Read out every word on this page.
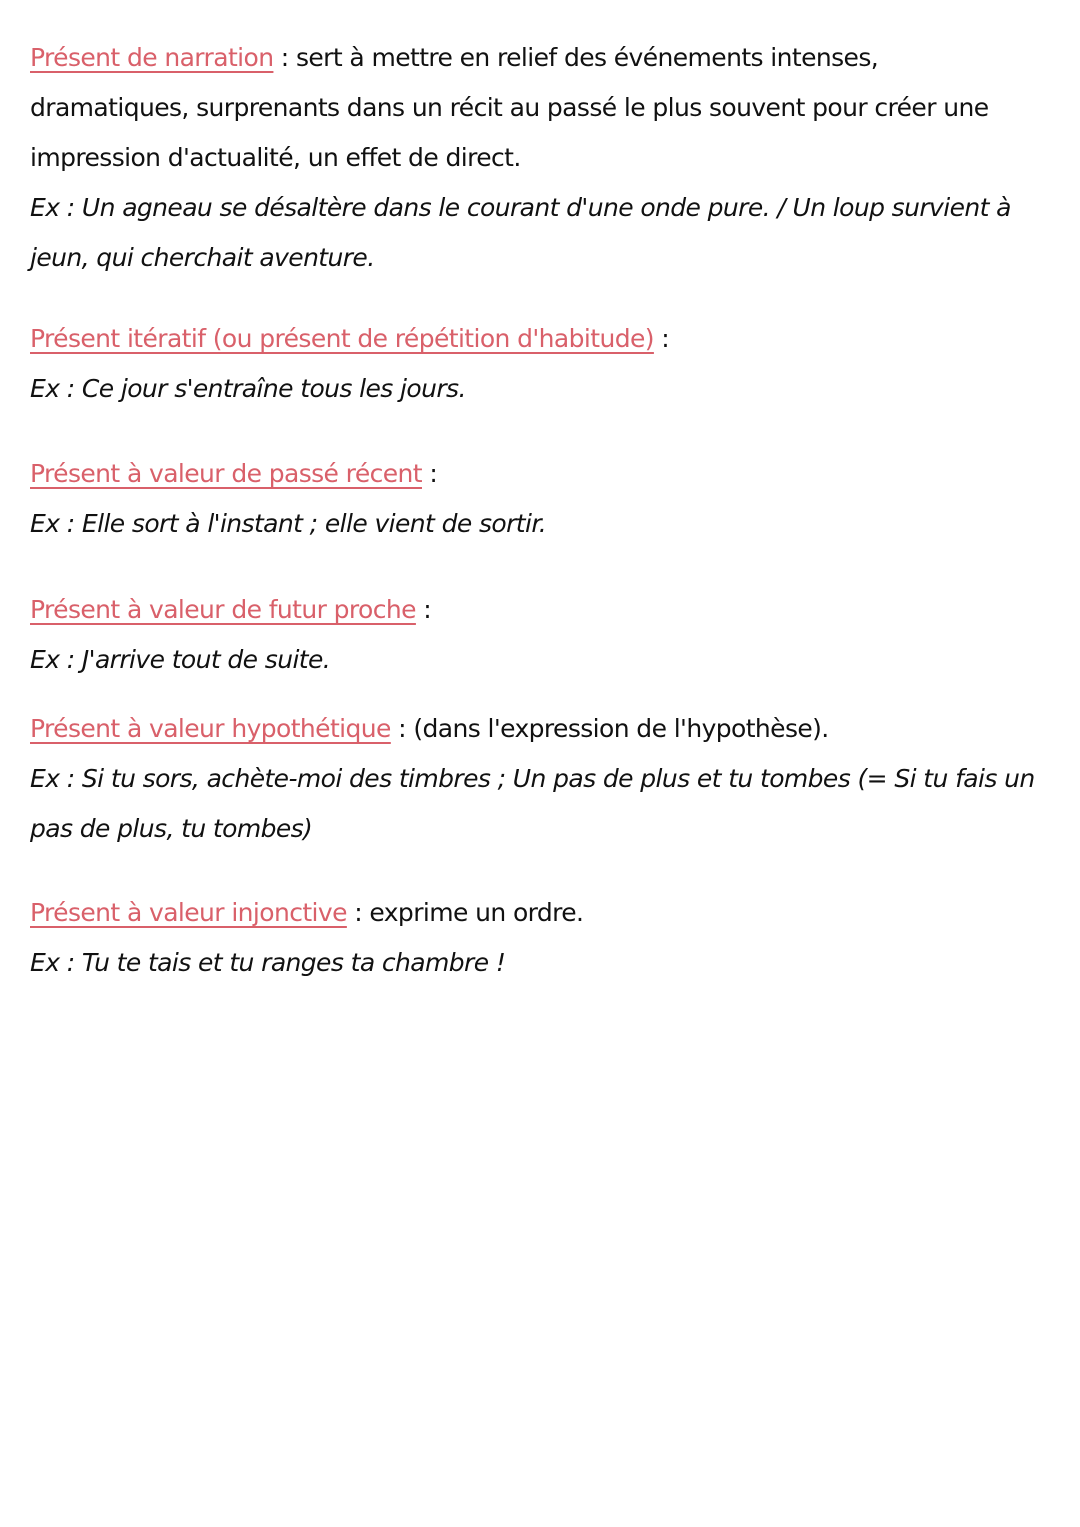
Présent de narration : sert à mettre en relief des événements intenses, dramatiques, surprenants dans un récit au passé le plus souvent pour créer une impression d'actualité, un effet de direct.

Ex : Un agneau se désaltère dans le courant d'une onde pure. / Un loup survient à jeun, qui cherchait aventure.

Présent itératif (ou présent de répétition d'habitude) :

Ex : Ce jour s'entraîne tous les jours.

Présent à valeur de passé récent :

Ex : Elle sort à l'instant ; elle vient de sortir.

Présent à valeur de futur proche :

Ex : J'arrive tout de suite.

Présent à valeur hypothétique : (dans l'expression de l'hypothèse).

Ex : Si tu sors, achète-moi des timbres ; Un pas de plus et tu tombes (= Si tu fais un pas de plus, tu tombes)

Présent à valeur injonctive : exprime un ordre.

Ex : Tu te tais et tu ranges ta chambre !
